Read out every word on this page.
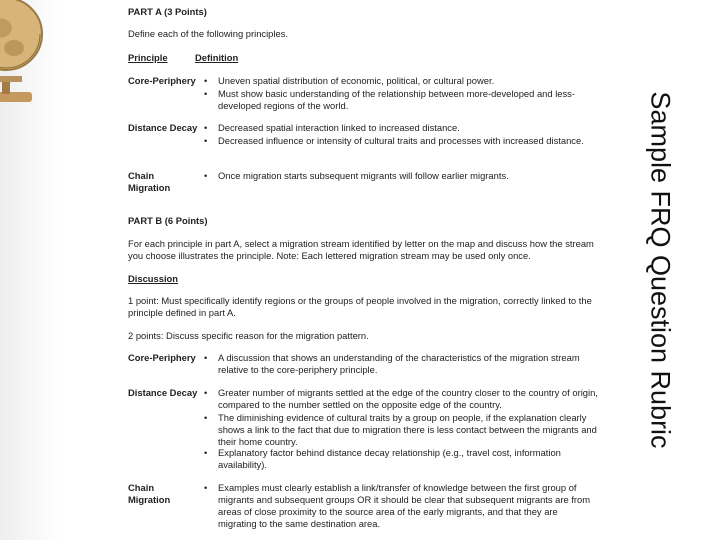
PART A (3 Points)
Define each of the following principles.
Principle	Definition
Core-Periphery • Uneven spatial distribution of economic, political, or cultural power.
• Must show basic understanding of the relationship between more-developed and less-developed regions of the world.
Distance Decay • Decreased spatial interaction linked to increased distance.
• Decreased influence or intensity of cultural traits and processes with increased distance.
Chain Migration
• Once migration starts subsequent migrants will follow earlier migrants.
PART B (6 Points)
For each principle in part A, select a migration stream identified by letter on the map and discuss how the stream you choose illustrates the principle. Note: Each lettered migration stream may be used only once.
Discussion
1 point: Must specifically identify regions or the groups of people involved in the migration, correctly linked to the principle defined in part A.
2 points: Discuss specific reason for the migration pattern.
Core-Periphery • A discussion that shows an understanding of the characteristics of the migration stream relative to the core-periphery principle.
Distance Decay • Greater number of migrants settled at the edge of the country closer to the country of origin, compared to the number settled on the opposite edge of the country.
• The diminishing evidence of cultural traits by a group on people, if the explanation clearly shows a link to the fact that due to migration there is less contact between the migrants and their home country.
• Explanatory factor behind distance decay relationship (e.g., travel cost, information availability).
Chain Migration
• Examples must clearly establish a link/transfer of knowledge between the first group of migrants and subsequent groups OR it should be clear that subsequent migrants are from areas of close proximity to the source area of the early migrants, and that they are migrating to the same destination area.
Sample FRQ Question Rubric
